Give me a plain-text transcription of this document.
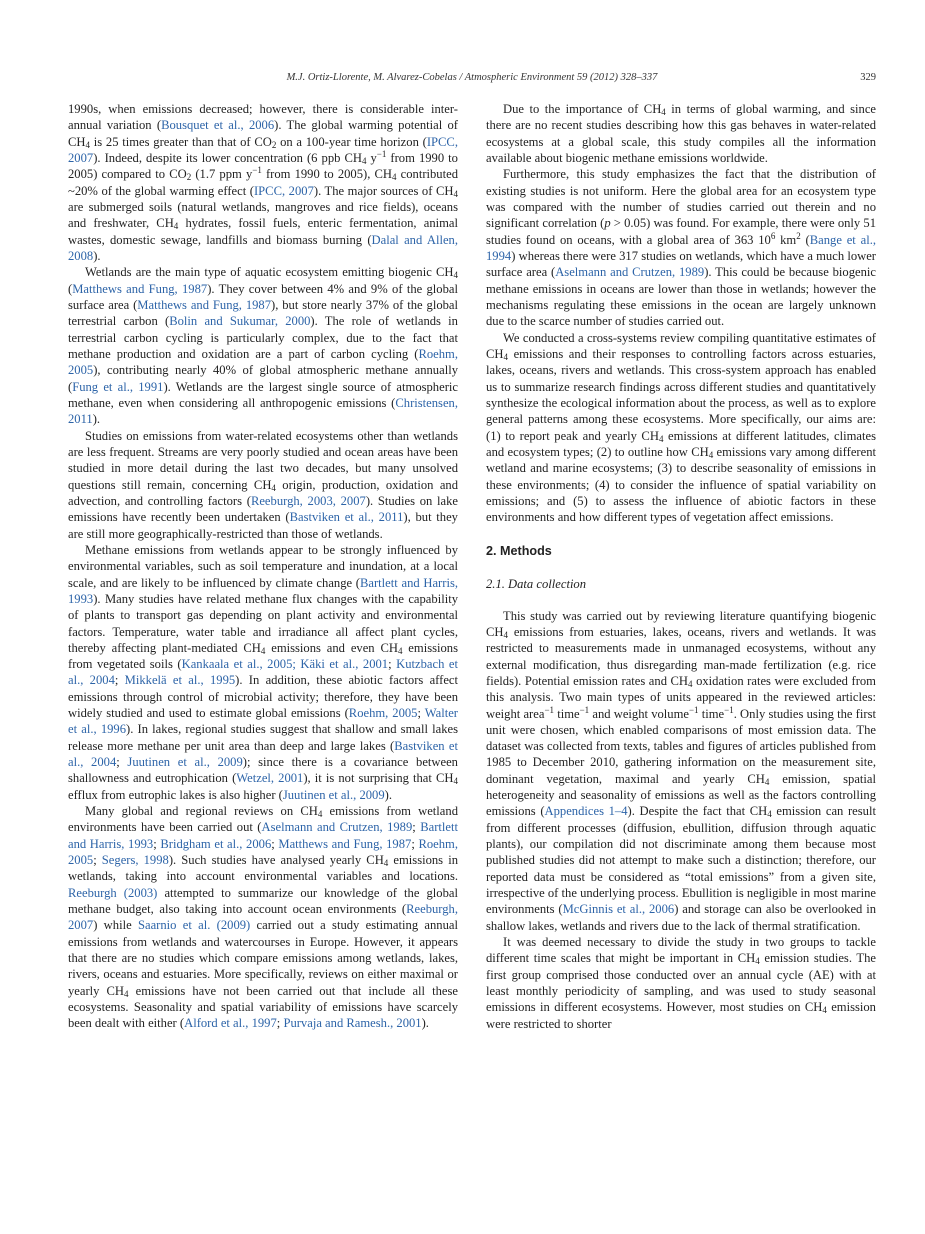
M.J. Ortiz-Llorente, M. Alvarez-Cobelas / Atmospheric Environment 59 (2012) 328–337	329

1990s, when emissions decreased; however, there is considerable inter-annual variation (Bousquet et al., 2006). The global warming potential of $CH_4$ is 25 times greater than that of $CO_2$ on a 100-year time horizon (IPCC, 2007). Indeed, despite its lower concentration (6 ppb $CH_4$ $y^{-1}$ from 1990 to 2005) compared to $CO_2$ (1.7 ppm $y^{-1}$ from 1990 to 2005), $CH_4$ contributed ~20% of the global warming effect (IPCC, 2007). The major sources of $CH_4$ are submerged soils (natural wetlands, mangroves and rice fields), oceans and freshwater, $CH_4$ hydrates, fossil fuels, enteric fermentation, animal wastes, domestic sewage, landfills and biomass burning (Dalal and Allen, 2008).

Wetlands are the main type of aquatic ecosystem emitting biogenic $CH_4$ (Matthews and Fung, 1987). They cover between 4% and 9% of the global surface area (Matthews and Fung, 1987), but store nearly 37% of the global terrestrial carbon (Bolin and Sukumar, 2000). The role of wetlands in terrestrial carbon cycling is particularly complex, due to the fact that methane production and oxidation are a part of carbon cycling (Roehm, 2005), contributing nearly 40% of global atmospheric methane annually (Fung et al., 1991). Wetlands are the largest single source of atmospheric methane, even when considering all anthropogenic emissions (Christensen, 2011).

Studies on emissions from water-related ecosystems other than wetlands are less frequent. Streams are very poorly studied and ocean areas have been studied in more detail during the last two decades, but many unsolved questions still remain, concerning $CH_4$ origin, production, oxidation and advection, and controlling factors (Reeburgh, 2003, 2007). Studies on lake emissions have recently been undertaken (Bastviken et al., 2011), but they are still more geographically-restricted than those of wetlands.

Methane emissions from wetlands appear to be strongly influenced by environmental variables, such as soil temperature and inundation, at a local scale, and are likely to be influenced by climate change (Bartlett and Harris, 1993). Many studies have related methane flux changes with the capability of plants to transport gas depending on plant activity and environmental factors. Temperature, water table and irradiance all affect plant cycles, thereby affecting plant-mediated $CH_4$ emissions and even $CH_4$ emissions from vegetated soils (Kankaala et al., 2005; Käki et al., 2001; Kutzbach et al., 2004; Mikkelä et al., 1995). In addition, these abiotic factors affect emissions through control of microbial activity; therefore, they have been widely studied and used to estimate global emissions (Roehm, 2005; Walter et al., 1996). In lakes, regional studies suggest that shallow and small lakes release more methane per unit area than deep and large lakes (Bastviken et al., 2004; Juutinen et al., 2009); since there is a covariance between shallowness and eutrophication (Wetzel, 2001), it is not surprising that $CH_4$ efflux from eutrophic lakes is also higher (Juutinen et al., 2009).

Many global and regional reviews on $CH_4$ emissions from wetland environments have been carried out (Aselmann and Crutzen, 1989; Bartlett and Harris, 1993; Bridgham et al., 2006; Matthews and Fung, 1987; Roehm, 2005; Segers, 1998). Such studies have analysed yearly $CH_4$ emissions in wetlands, taking into account environmental variables and locations. Reeburgh (2003) attempted to summarize our knowledge of the global methane budget, also taking into account ocean environments (Reeburgh, 2007) while Saarnio et al. (2009) carried out a study estimating annual emissions from wetlands and watercourses in Europe. However, it appears that there are no studies which compare emissions among wetlands, lakes, rivers, oceans and estuaries. More specifically, reviews on either maximal or yearly $CH_4$ emissions have not been carried out that include all these ecosystems. Seasonality and spatial variability of emissions have scarcely been dealt with either (Alford et al., 1997; Purvaja and Ramesh., 2001).

Due to the importance of $CH_4$ in terms of global warming, and since there are no recent studies describing how this gas behaves in water-related ecosystems at a global scale, this study compiles all the information available about biogenic methane emissions worldwide.

Furthermore, this study emphasizes the fact that the distribution of existing studies is not uniform. Here the global area for an ecosystem type was compared with the number of studies carried out therein and no significant correlation (p > 0.05) was found. For example, there were only 51 studies found on oceans, with a global area of 363 $10^6$ $km^2$ (Bange et al., 1994) whereas there were 317 studies on wetlands, which have a much lower surface area (Aselmann and Crutzen, 1989). This could be because biogenic methane emissions in oceans are lower than those in wetlands; however the mechanisms regulating these emissions in the ocean are largely unknown due to the scarce number of studies carried out.

We conducted a cross-systems review compiling quantitative estimates of $CH_4$ emissions and their responses to controlling factors across estuaries, lakes, oceans, rivers and wetlands. This cross-system approach has enabled us to summarize research findings across different studies and quantitatively synthesize the ecological information about the process, as well as to explore general patterns among these ecosystems. More specifically, our aims are: (1) to report peak and yearly $CH_4$ emissions at different latitudes, climates and ecosystem types; (2) to outline how $CH_4$ emissions vary among different wetland and marine ecosystems; (3) to describe seasonality of emissions in these environments; (4) to consider the influence of spatial variability on emissions; and (5) to assess the influence of abiotic factors in these environments and how different types of vegetation affect emissions.

2. Methods
2.1. Data collection

This study was carried out by reviewing literature quantifying biogenic $CH_4$ emissions from estuaries, lakes, oceans, rivers and wetlands. It was restricted to measurements made in unmanaged ecosystems, without any external modification, thus disregarding man-made fertilization (e.g. rice fields). Potential emission rates and $CH_4$ oxidation rates were excluded from this analysis. Two main types of units appeared in the reviewed articles: weight area$^{-1}$ time$^{-1}$ and weight volume$^{-1}$ time$^{-1}$. Only studies using the first unit were chosen, which enabled comparisons of most emission data. The dataset was collected from texts, tables and figures of articles published from 1985 to December 2010, gathering information on the measurement site, dominant vegetation, maximal and yearly $CH_4$ emission, spatial heterogeneity and seasonality of emissions as well as the factors controlling emissions (Appendices 1–4). Despite the fact that $CH_4$ emission can result from different processes (diffusion, ebullition, diffusion through aquatic plants), our compilation did not discriminate among them because most published studies did not attempt to make such a distinction; therefore, our reported data must be considered as “total emissions” from a given site, irrespective of the underlying process. Ebullition is negligible in most marine environments (McGinnis et al., 2006) and storage can also be overlooked in shallow lakes, wetlands and rivers due to the lack of thermal stratification.

It was deemed necessary to divide the study in two groups to tackle different time scales that might be important in $CH_4$ emission studies. The first group comprised those conducted over an annual cycle (AE) with at least monthly periodicity of sampling, and was used to study seasonal emissions in different ecosystems. However, most studies on $CH_4$ emission were restricted to shorter
